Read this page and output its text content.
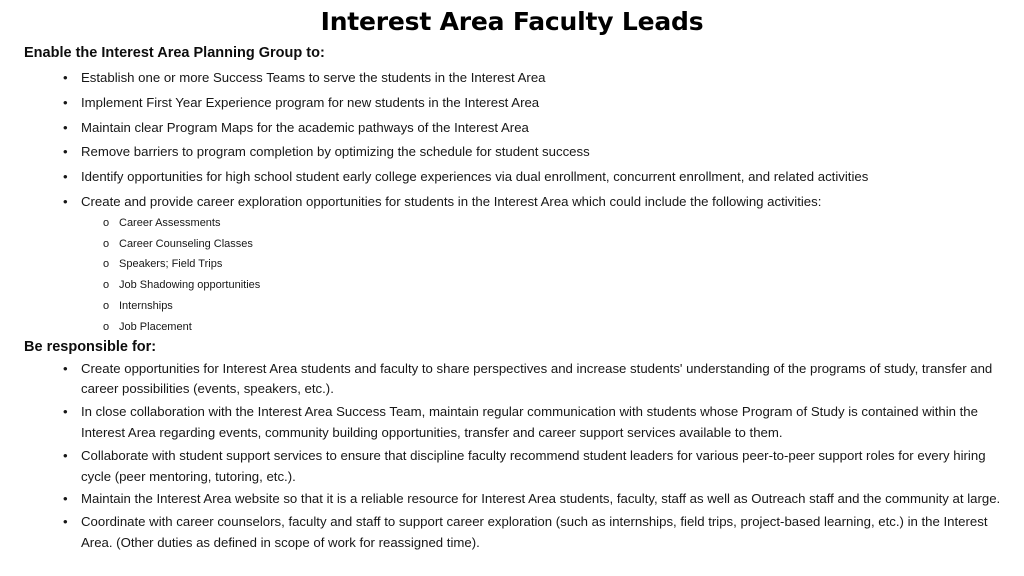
Interest Area Faculty Leads
Enable the Interest Area Planning Group to:
•	Establish one or more Success Teams to serve the students in the Interest Area
•	Implement First Year Experience program for new students in the Interest Area
•	Maintain clear Program Maps for the academic pathways of the Interest Area
•	Remove barriers to program completion by optimizing the schedule for student success
•	Identify opportunities for high school student early college experiences via dual enrollment, concurrent enrollment, and related activities
•	Create and provide career exploration opportunities for students in the Interest Area which could include the following activities:
o Career Assessments
o Career Counseling Classes
o Speakers; Field Trips
o Job Shadowing opportunities
o Internships
o Job Placement
Be responsible for:
•	Create opportunities for Interest Area students and faculty to share perspectives and increase students' understanding of the programs of study, transfer and career possibilities (events, speakers, etc.).
•	In close collaboration with the Interest Area Success Team, maintain regular communication with students whose Program of Study is contained within the Interest Area regarding events, community building opportunities, transfer and career support services available to them.
•	Collaborate with student support services to ensure that discipline faculty recommend student leaders for various peer-to-peer support roles for every hiring cycle (peer mentoring, tutoring, etc.).
•	Maintain the Interest Area website so that it is a reliable resource for Interest Area students, faculty, staff as well as Outreach staff and the community at large.
•	Coordinate with career counselors, faculty and staff to support career exploration (such as internships, field trips, project-based learning, etc.) in the Interest Area. (Other duties as defined in scope of work for reassigned time).
